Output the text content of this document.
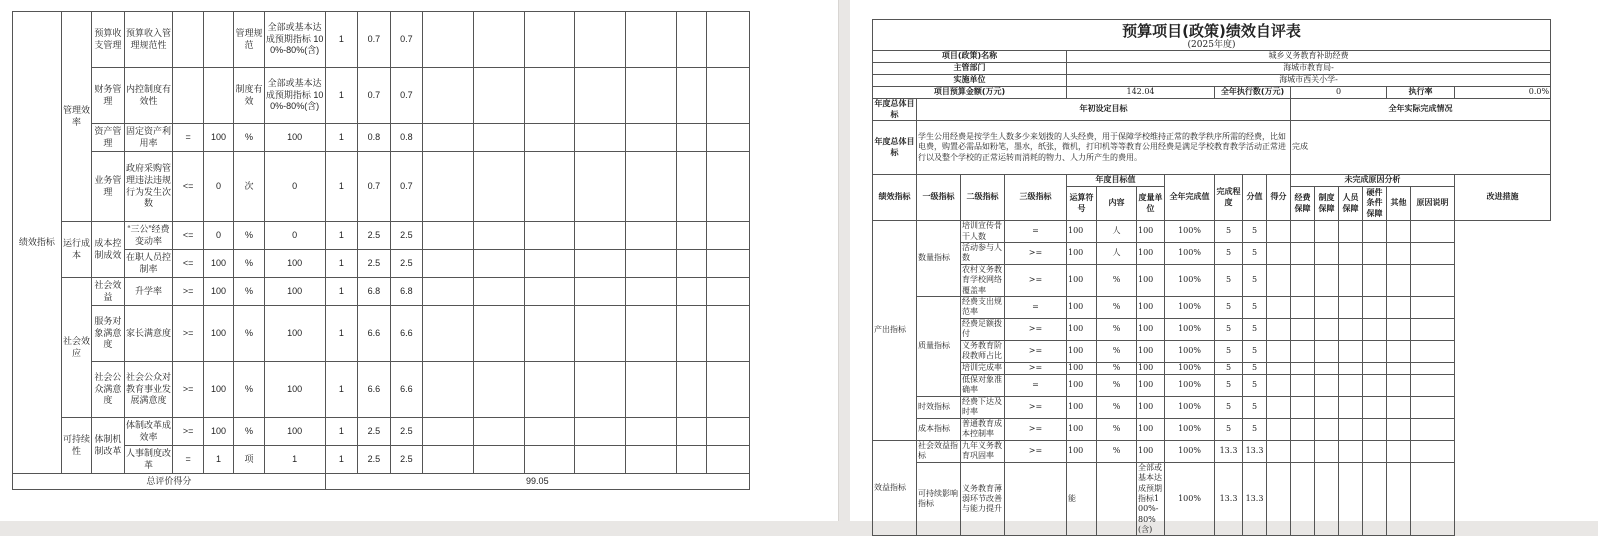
绩效指标	管理效率	预算收支管理	预算收入管理规范性			管理规范	全部或基本达成预期指标 100%-80%(含)	1	0.7	0.7							
		财务管理	内控制度有效性			制度有效	全部或基本达成预期指标 100%-80%(含)	1	0.7	0.7							
		资产管理	固定资产利用率	=	100	%	100	1	0.8	0.8							
		业务管理	政府采购管理违法违规行为发生次数	<=	0	次	0	1	0.7	0.7							
	运行成本	成本控制成效	“三公”经费变动率	<=	0	%	0	1	2.5	2.5							
			在职人员控制率	<=	100	%	100	1	2.5	2.5							
	社会效应	社会效益	升学率	>=	100	%	100	1	6.8	6.8							
		服务对象满意度	家长满意度	>=	100	%	100	1	6.6	6.6							
		社会公众满意度	社会公众对教育事业发展满意度	>=	100	%	100	1	6.6	6.6							
	可持续性	体制机制改革	体制改革成效率	>=	100	%	100	1	2.5	2.5							
			人事制度改革	=	1	项	1	1	2.5	2.5							
总评价得分								99.05									
预算项目(政策)绩效自评表
(2025年度)
项目(政策)名称				城乡义务教育补助经费													
主管部门				海城市教育局-													
实施单位				海城市西关小学-													
项目预算金额(万元)				142.04				全年执行数(万元)			0				执行率		0.0%
年度总体目标	年初设定目标										全年实际完成情况						
年度总体目标	学生公用经费是按学生人数多少来划拨的人头经费，用于保障学校维持正常的教学秩序所需的经费，比如电费，购置必需品如粉笔，墨水，纸张，微机，打印机等等教育公用经费是满足学校教育教学活动正常进行以及整个学校的正常运转而消耗的物力、人力所产生的费用。										完成						
绩效指标	一级指标	二级指标	三级指标	年度目标值			全年完成值	完成程度	分值	得分	未完成原因分析						改进措施
				运算符号	内容	度量单位					经费保障	制度保障	人员保障	硬件条件保障	其他	原因说明	
产出指标	数量指标	培训宣传骨干人数	=	100	人	100	100%	5	5								
		活动参与人数	>=	100	人	100	100%	5	5								
		农村义务教育学校网络覆盖率	>=	100	%	100	100%	5	5								
	质量指标	经费支出规范率	=	100	%	100	100%	5	5								
		经费足额拨付	>=	100	%	100	100%	5	5								
		义务教育阶段教师占比	>=	100	%	100	100%	5	5								
		培训完成率	>=	100	%	100	100%	5	5								
		低保对象准确率	=	100	%	100	100%	5	5								
	时效指标	经费下达及时率	>=	100	%	100	100%	5	5								
	成本指标	普通教育成本控制率	>=	100	%	100	100%	5	5								
效益指标	社会效益指标	九年义务教育巩固率	>=	100	%	100	100%	13.3	13.3								
	可持续影响指标	义务教育薄弱环节改善与能力提升		能		全部或基本达成预期指标100%-80%(含)	100%	13.3	13.3								
